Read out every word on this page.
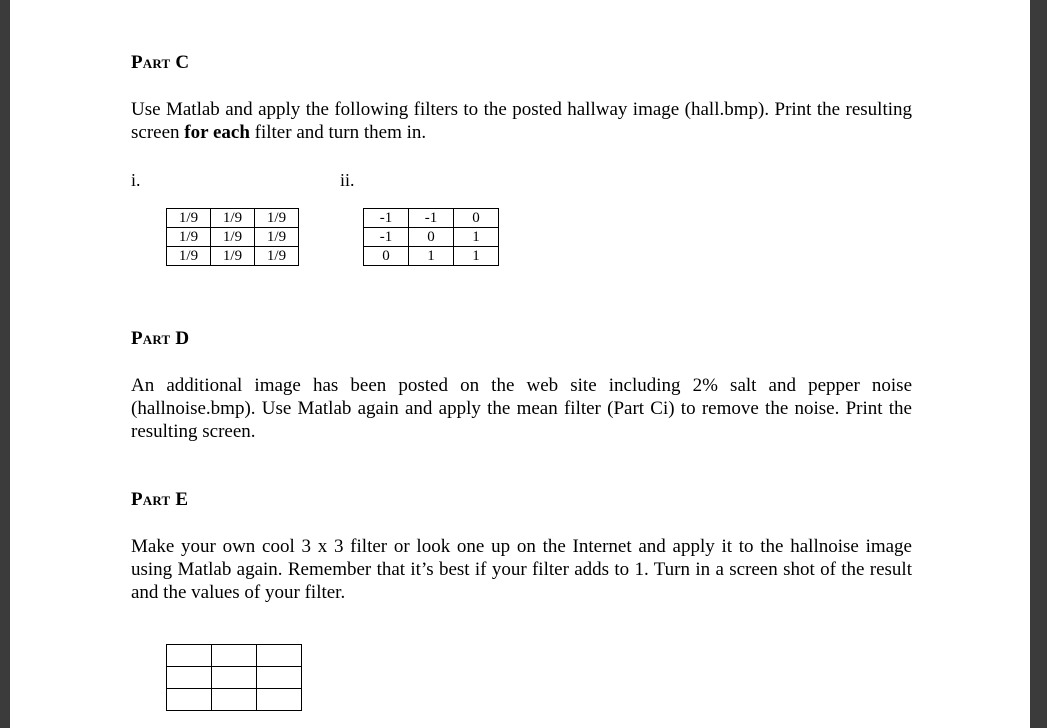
Part C
Use Matlab and apply the following filters to the posted hallway image (hall.bmp). Print the resulting screen for each filter and turn them in.
i.	ii.
1/9	1/9	1/9
1/9	1/9	1/9
1/9	1/9	1/9
-1	-1	0
-1	0	1
0	1	1
Part D
An additional image has been posted on the web site including 2% salt and pepper noise (hallnoise.bmp). Use Matlab again and apply the mean filter (Part Ci) to remove the noise. Print the resulting screen.
Part E
Make your own cool 3 x 3 filter or look one up on the Internet and apply it to the hallnoise image using Matlab again. Remember that it’s best if your filter adds to 1. Turn in a screen shot of the result and the values of your filter.
